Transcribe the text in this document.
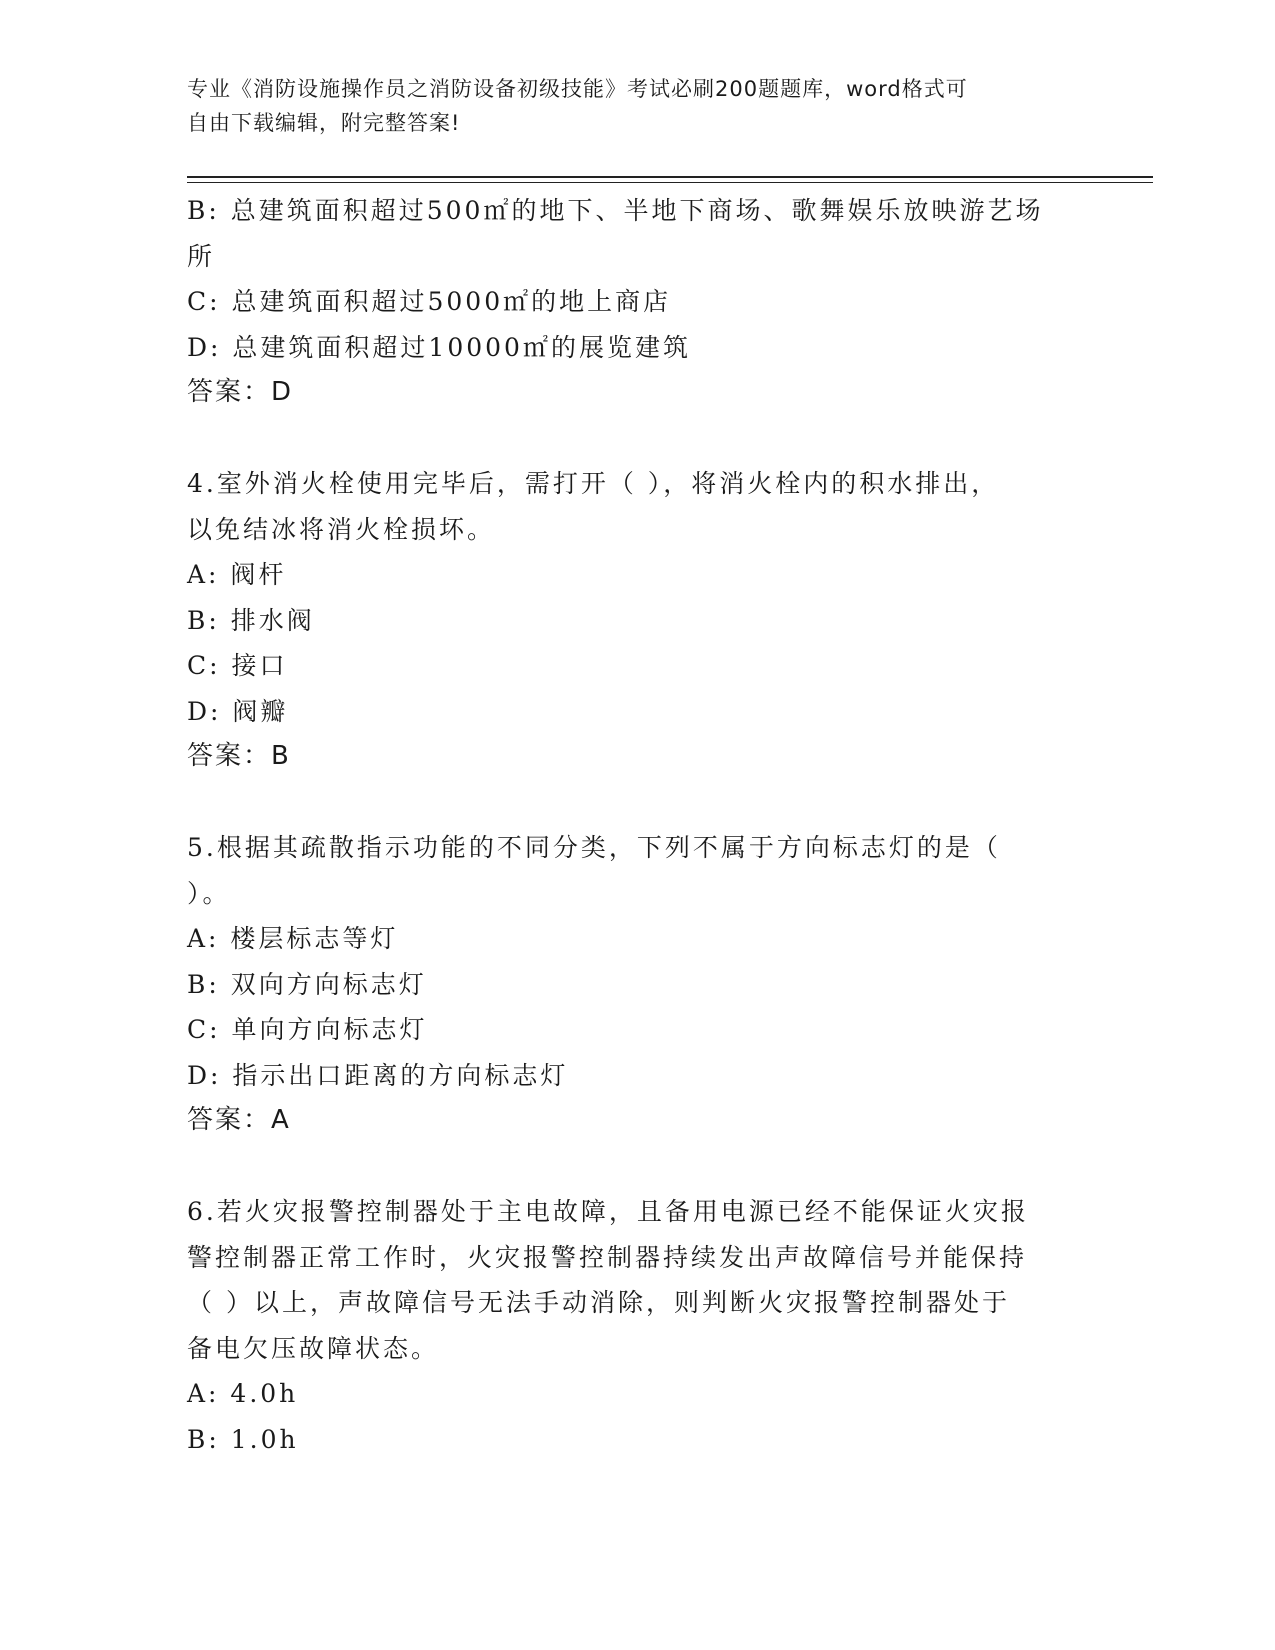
专业《消防设施操作员之消防设备初级技能》考试必刷200题题库，word格式可
自由下载编辑，附完整答案!
B: 总建筑面积超过500㎡的地下、半地下商场、歌舞娱乐放映游艺场
所
C: 总建筑面积超过5000㎡的地上商店
D: 总建筑面积超过10000㎡的展览建筑
答案：D
4.室外消火栓使用完毕后，需打开（ ），将消火栓内的积水排出，
以免结冰将消火栓损坏。
A: 阀杆
B: 排水阀
C: 接口
D: 阀瓣
答案：B
5.根据其疏散指示功能的不同分类，下列不属于方向标志灯的是（
）。
A: 楼层标志等灯
B: 双向方向标志灯
C: 单向方向标志灯
D: 指示出口距离的方向标志灯
答案：A
6.若火灾报警控制器处于主电故障，且备用电源已经不能保证火灾报
警控制器正常工作时，火灾报警控制器持续发出声故障信号并能保持
（ ）以上，声故障信号无法手动消除，则判断火灾报警控制器处于
备电欠压故障状态。
A: 4.0h
B: 1.0h
